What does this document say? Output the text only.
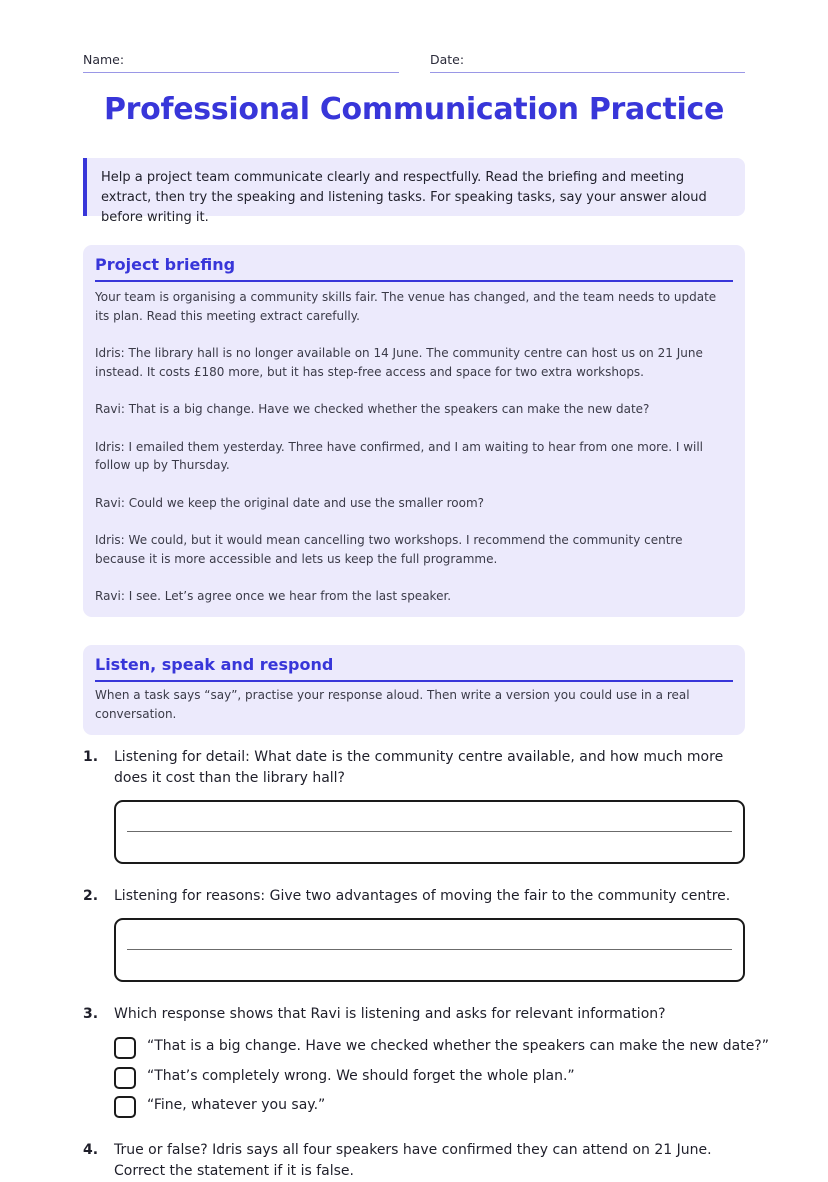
Name:	Date:
Professional Communication Practice
Help a project team communicate clearly and respectfully. Read the briefing and meeting extract, then try the speaking and listening tasks. For speaking tasks, say your answer aloud before writing it.
Project briefing

Your team is organising a community skills fair. The venue has changed, and the team needs to update its plan. Read this meeting extract carefully.

Idris: The library hall is no longer available on 14 June. The community centre can host us on 21 June instead. It costs £180 more, but it has step-free access and space for two extra workshops.

Ravi: That is a big change. Have we checked whether the speakers can make the new date?

Idris: I emailed them yesterday. Three have confirmed, and I am waiting to hear from one more. I will follow up by Thursday.

Ravi: Could we keep the original date and use the smaller room?

Idris: We could, but it would mean cancelling two workshops. I recommend the community centre because it is more accessible and lets us keep the full programme.

Ravi: I see. Let’s agree once we hear from the last speaker.

Listen, speak and respond

When a task says “say”, practise your response aloud. Then write a version you could use in a real conversation.

1. Listening for detail: What date is the community centre available, and how much more does it cost than the library hall?
2. Listening for reasons: Give two advantages of moving the fair to the community centre.
3. Which response shows that Ravi is listening and asks for relevant information?
“That is a big change. Have we checked whether the speakers can make the new date?”
“That’s completely wrong. We should forget the whole plan.”
“Fine, whatever you say.”
4. True or false? Idris says all four speakers have confirmed they can attend on 21 June. Correct the statement if it is false.
